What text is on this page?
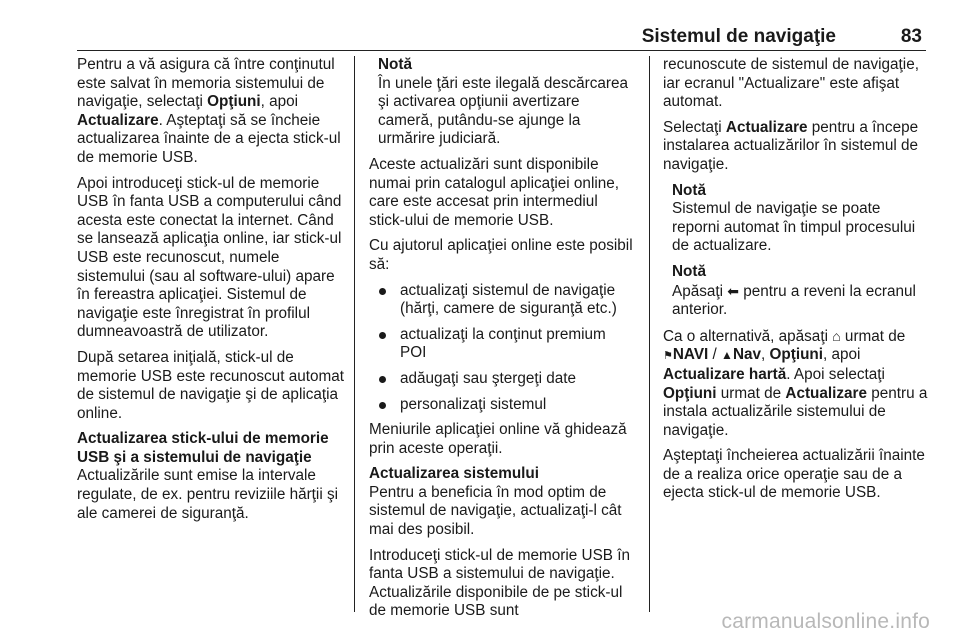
Sistemul de navigaţie	83

Pentru a vă asigura că între conţinutul este salvat în memoria sistemului de navigaţie, selectaţi Opţiuni, apoi Actualizare. Aşteptaţi să se încheie actualizarea înainte de a ejecta stick-ul de memorie USB.

Apoi introduceţi stick-ul de memorie USB în fanta USB a computerului când acesta este conectat la internet. Când se lansează aplicaţia online, iar stick-ul USB este recunoscut, numele sistemului (sau al software-ului) apare în fereastra aplicaţiei. Sistemul de navigaţie este înregistrat în profilul dumneavoastră de utilizator.

După setarea iniţială, stick-ul de memorie USB este recunoscut automat de sistemul de navigaţie şi de aplicaţia online.

Actualizarea stick-ului de memorie USB şi a sistemului de navigaţie

Actualizările sunt emise la intervale regulate, de ex. pentru reviziile hărţii şi ale camerei de siguranţă.

Notă
În unele ţări este ilegală descărcarea şi activarea opţiunii avertizare cameră, putându-se ajunge la urmărire judiciară.

Aceste actualizări sunt disponibile numai prin catalogul aplicaţiei online, care este accesat prin intermediul stick-ului de memorie USB.

Cu ajutorul aplicaţiei online este posibil să:

actualizaţi sistemul de navigaţie (hărţi, camere de siguranţă etc.)
actualizaţi la conţinut premium POI
adăugaţi sau ştergeţi date
personalizaţi sistemul

Meniurile aplicaţiei online vă ghidează prin aceste operaţii.

Actualizarea sistemului

Pentru a beneficia în mod optim de sistemul de navigaţie, actualizaţi-l cât mai des posibil.

Introduceţi stick-ul de memorie USB în fanta USB a sistemului de navigaţie. Actualizările disponibile de pe stick-ul de memorie USB sunt

recunoscute de sistemul de navigaţie, iar ecranul "Actualizare" este afişat automat.

Selectaţi Actualizare pentru a începe instalarea actualizărilor în sistemul de navigaţie.

Notă
Sistemul de navigaţie se poate reporni automat în timpul procesului de actualizare.
Notă
Apăsaţi ⬅︎ pentru a reveni la ecranul anterior.

Ca o alternativă, apăsaţi ⌂ urmat de
⚑NAVI / ▲Nav, Opţiuni, apoi
Actualizare hartă. Apoi selectaţi
Opţiuni urmat de Actualizare pentru a instala actualizările sistemului de navigaţie.

Aşteptaţi încheierea actualizării înainte de a realiza orice operaţie sau de a ejecta stick-ul de memorie USB.

carmanualsonline.info
